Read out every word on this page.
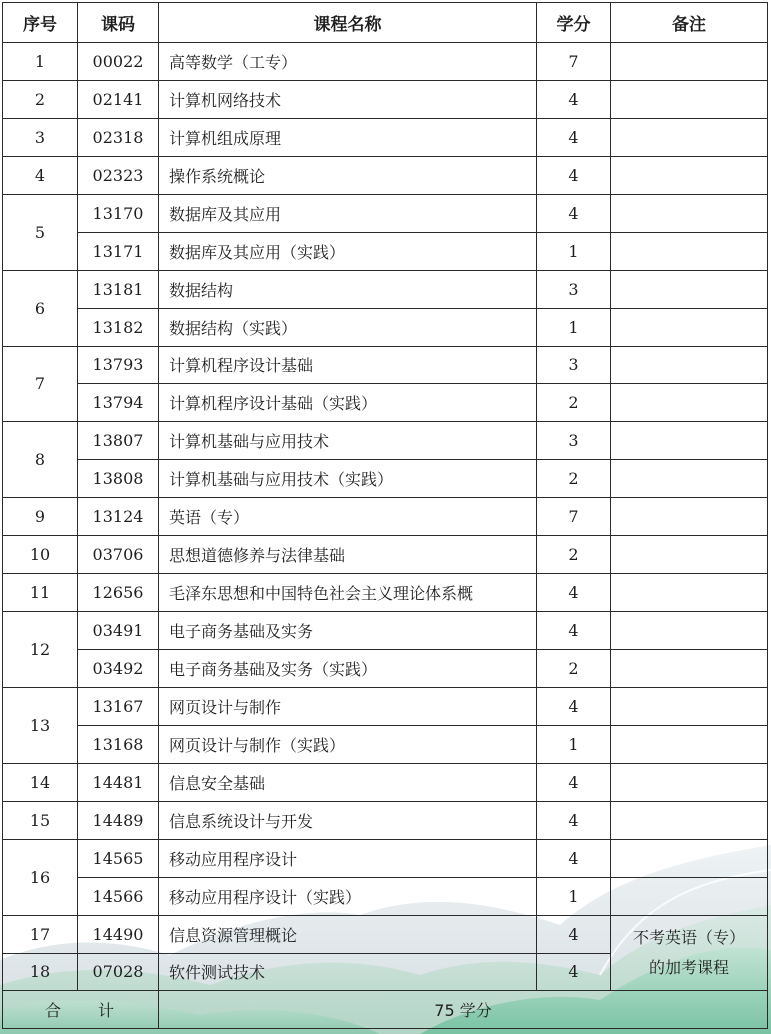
序号	课码	课程名称	学分	备注
1	00022	高等数学（工专）	7	
2	02141	计算机网络技术	4	
3	02318	计算机组成原理	4	
4	02323	操作系统概论	4	
5	13170	数据库及其应用	4	
	13171	数据库及其应用（实践）	1	
6	13181	数据结构	3	
	13182	数据结构（实践）	1	
7	13793	计算机程序设计基础	3	
	13794	计算机程序设计基础（实践）	2	
8	13807	计算机基础与应用技术	3	
	13808	计算机基础与应用技术（实践）	2	
9	13124	英语（专）	7	
10	03706	思想道德修养与法律基础	2	
11	12656	毛泽东思想和中国特色社会主义理论体系概	4	
12	03491	电子商务基础及实务	4	
	03492	电子商务基础及实务（实践）	2	
13	13167	网页设计与制作	4	
	13168	网页设计与制作（实践）	1	
14	14481	信息安全基础	4	
15	14489	信息系统设计与开发	4	
16	14565	移动应用程序设计	4	
	14566	移动应用程序设计（实践）	1	
17	14490	信息资源管理概论	4	不考英语（专）
的加考课程

18	07028	软件测试技术	4	

合 计		75 学分		
